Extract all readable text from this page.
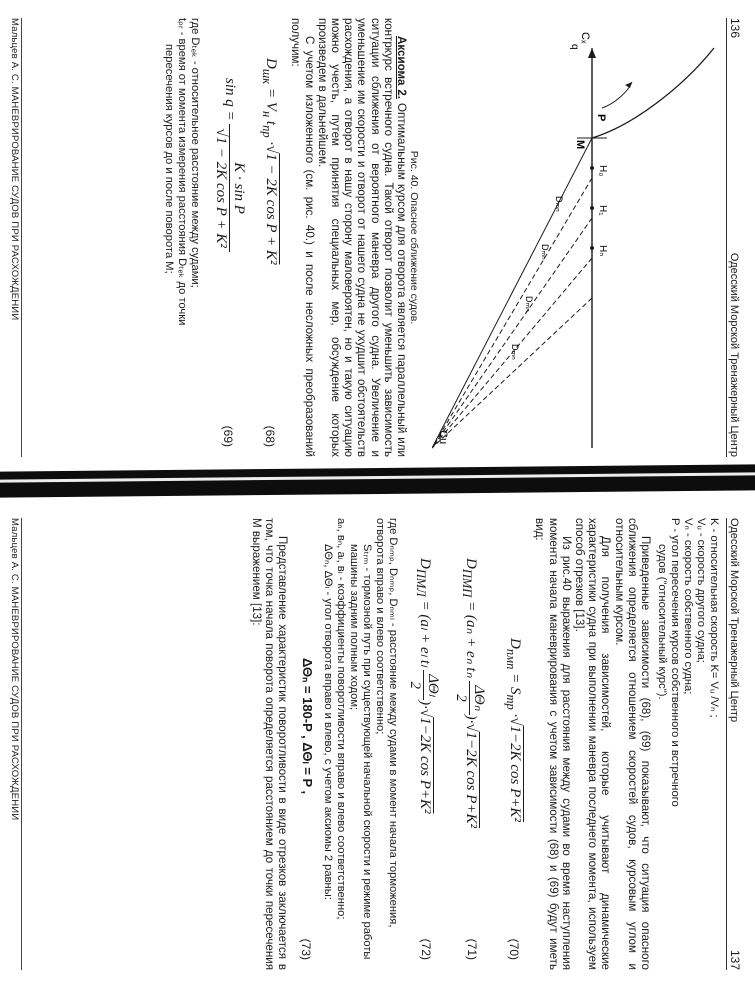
136
Одесский Морской Тренажерный Центр
P
M
Cu
Cₓ
q
H₀
H₁
Hₙ
Dₘₙ
Dₘₙ
Dₘₙ
Dₘₙ
Рис. 40. Опасное сближение судов.

Аксиома 2. Оптимальным курсом для отворота является параллельный или контркурс встречного судна. Такой отворот позволит уменьшить зависимость ситуации сближения от вероятного маневра другого судна. Увеличение и уменьшение им скорости и отворот от нашего судна не ухудшит обстоятельств расхождения, а отворот в нашу сторону маловероятен, но и такую ситуацию можно учесть, путем принятия специальных мер, обсуждение которых произведем в дальнейшем.

С учетом изложенного (см. рис. 40.) и после несложных преобразований получим:

$D_{шк} = V_н$ $t_{пр} \cdot√1 - 2K$ cos P + K²
(68)
sin q =
K · sin P
√1 − 2K cos P + K²
(69)
где Dₜₑₖ - относительное расстояние между судами;
tₚᵣ - время от момента измерения расстояния Dₜₑₖ до точки
пересечения курсов до и после поворота M;
Мальцев А. С. МАНЕВРИРОВАНИЕ СУДОВ ПРИ РАСХОЖДЕНИИ
Одесский Морской Тренажерный Центр
137
K - относительная скорость K= Vᵤ /Vₙ ;
Vᵤ - скорость другого судна;
Vₙ - скорость собственного судна;
P - угол пересечения курсов собственного и встречного
судов ("относительный курс").

Приведенные зависимости (68), (69) показывают, что ситуация опасного сближения определяется отношением скоростей судов, курсовым углом и относительным курсом.

Для получения зависимостей, которые учитывают динамические характеристики судна при выполнении маневра последнего момента, используем способ отрезков [13].

Из рис.40 выражения для расстояния между судами во время наступления момента начала маневрирования с учетом зависимости (68) и (69) будут иметь вид:

$D_{пмп} = S_{тр} \cdot√1-2K$ cos P+K²
(70)
$D_{ПМП} = (a_n + e_n$ tₙ
ΔΘₙ
2
)·√1−2K cos P+K²
(71)
$D_{ПМЛ} = (a_l + e_l$ tₗ
ΔΘₗ
2
)·√1−2K cos P+K²
(72)
где Dₙₘₚ, Dₙₘₚ, Dₙₘₗ - расстояние между судами в момент начала торможения, отворота вправо и влево соответственно;
Sₜᵣₘ - тормозной путь при существующей начальной скорости и режиме работы машины задним полным ходом;
aₙ, вₙ, aₗ, вₗ - коэффициенты поворотливости вправо и влево соответственно;
ΔΘₙ, ΔΘₗ - угол отворота вправо и влево, с учетом аксиомы 2 равны:
ΔΘₙ = 180-P , ΔΘₗ = P ,
(73)

Представление характеристик поворотливости в виде отрезков заключается в том, что точка начала поворота определяется расстоянием до точки пересечения M выражением [13]:

Мальцев А. С. МАНЕВРИРОВАНИЕ СУДОВ ПРИ РАСХОЖДЕНИИ
